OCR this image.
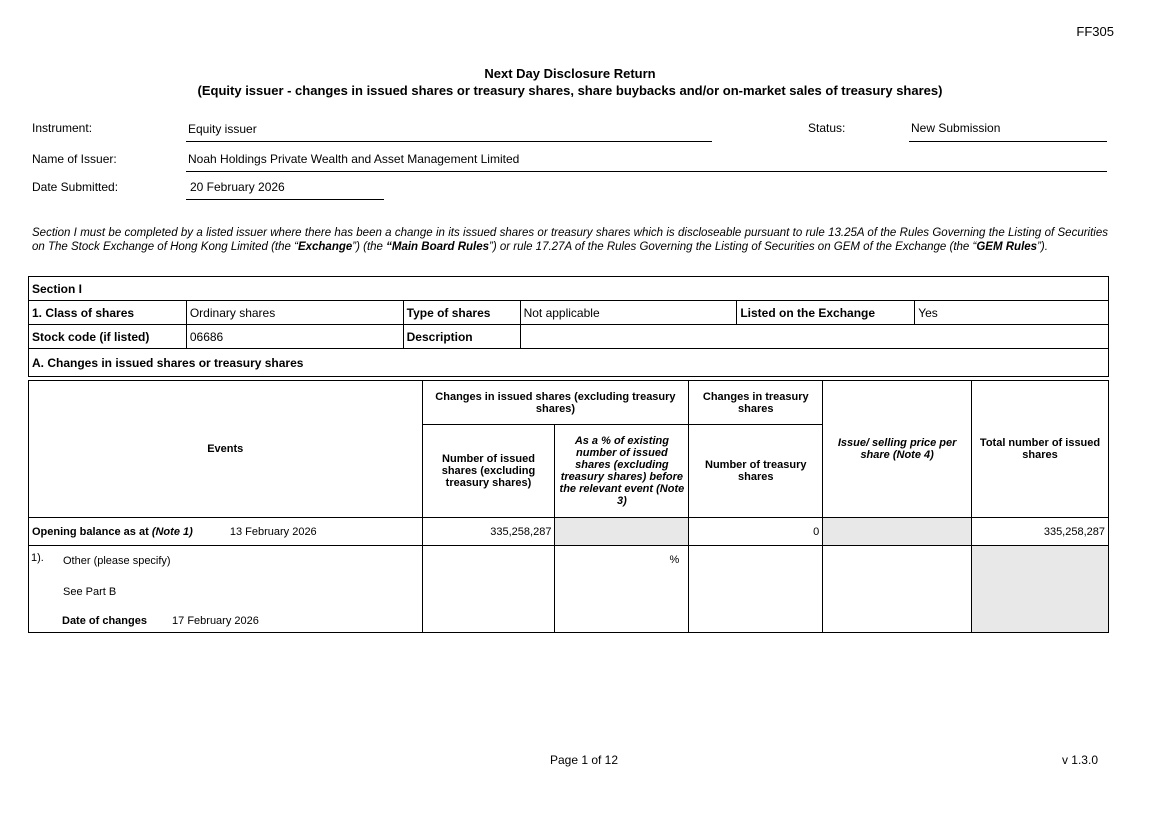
FF305
Next Day Disclosure Return
(Equity issuer - changes in issued shares or treasury shares, share buybacks and/or on-market sales of treasury shares)
Instrument:	Equity issuer	Status:	New Submission
Name of Issuer:	Noah Holdings Private Wealth and Asset Management Limited
Date Submitted:	20 February 2026
Section I must be completed by a listed issuer where there has been a change in its issued shares or treasury shares which is discloseable pursuant to rule 13.25A of the Rules Governing the Listing of Securities on The Stock Exchange of Hong Kong Limited (the “Exchange”) (the “Main Board Rules”) or rule 17.27A of the Rules Governing the Listing of Securities on GEM of the Exchange (the “GEM Rules”).
Section I					
1. Class of shares	Ordinary shares	Type of shares	Not applicable	Listed on the Exchange	Yes
Stock code (if listed)	06686	Description			
A. Changes in issued shares or treasury shares					
Events	Changes in issued shares (excluding treasury shares)		Changes in treasury shares	Issue/ selling price per share (Note 4)	Total number of issued shares
	Number of issued shares (excluding treasury shares)	As a % of existing number of issued shares (excluding treasury shares) before the relevant event (Note 3)	Number of treasury shares		
Opening balance as at (Note 1) 13 February 2026	335,258,287		0		335,258,287

1). Other (please specify)
See Part B
Date of changes 17 February 2026		%			
Page 1 of 12	v 1.3.0
